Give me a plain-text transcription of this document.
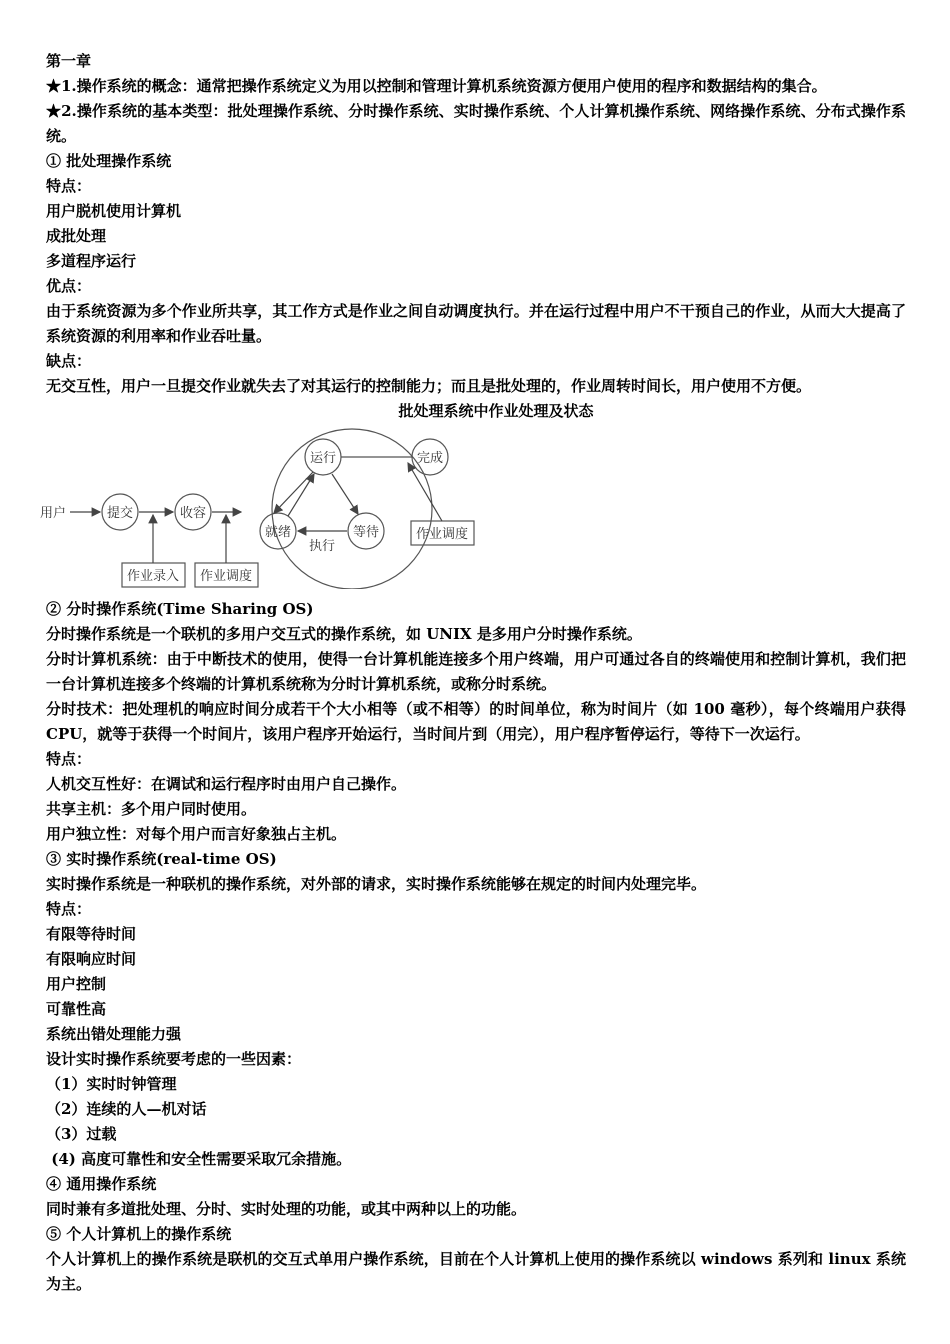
第一章
★1.操作系统的概念：通常把操作系统定义为用以控制和管理计算机系统资源方便用户使用的程序和数据结构的集合。
★2.操作系统的基本类型：批处理操作系统、分时操作系统、实时操作系统、个人计算机操作系统、网络操作系统、分布式操作系统。
① 批处理操作系统
特点：
用户脱机使用计算机
成批处理
多道程序运行
优点：
由于系统资源为多个作业所共享，其工作方式是作业之间自动调度执行。并在运行过程中用户不干预自己的作业，从而大大提高了系统资源的利用率和作业吞吐量。
缺点：
无交互性，用户一旦提交作业就失去了对其运行的控制能力；而且是批处理的，作业周转时间长，用户使用不方便。
批处理系统中作业处理及状态
用户	提交	收容
运行	完成
就绪	等待
执行
作业录入 作业调度
作业调度
② 分时操作系统(Time Sharing OS)
分时操作系统是一个联机的多用户交互式的操作系统，如 UNIX 是多用户分时操作系统。
分时计算机系统：由于中断技术的使用，使得一台计算机能连接多个用户终端，用户可通过各自的终端使用和控制计算机，我们把一台计算机连接多个终端的计算机系统称为分时计算机系统，或称分时系统。
分时技术：把处理机的响应时间分成若干个大小相等（或不相等）的时间单位，称为时间片（如 100 毫秒），每个终端用户获得 CPU，就等于获得一个时间片，该用户程序开始运行，当时间片到（用完），用户程序暂停运行，等待下一次运行。
特点：
人机交互性好：在调试和运行程序时由用户自己操作。
共享主机：多个用户同时使用。
用户独立性：对每个用户而言好象独占主机。
③ 实时操作系统(real-time OS)
实时操作系统是一种联机的操作系统，对外部的请求，实时操作系统能够在规定的时间内处理完毕。
特点：
有限等待时间
有限响应时间
用户控制
可靠性高
系统出错处理能力强
设计实时操作系统要考虑的一些因素：
（1）实时时钟管理
（2）连续的人—机对话
（3）过载
(4) 高度可靠性和安全性需要采取冗余措施。
④ 通用操作系统
同时兼有多道批处理、分时、实时处理的功能，或其中两种以上的功能。
⑤ 个人计算机上的操作系统
个人计算机上的操作系统是联机的交互式单用户操作系统，目前在个人计算机上使用的操作系统以 windows 系列和 linux 系统为主。
